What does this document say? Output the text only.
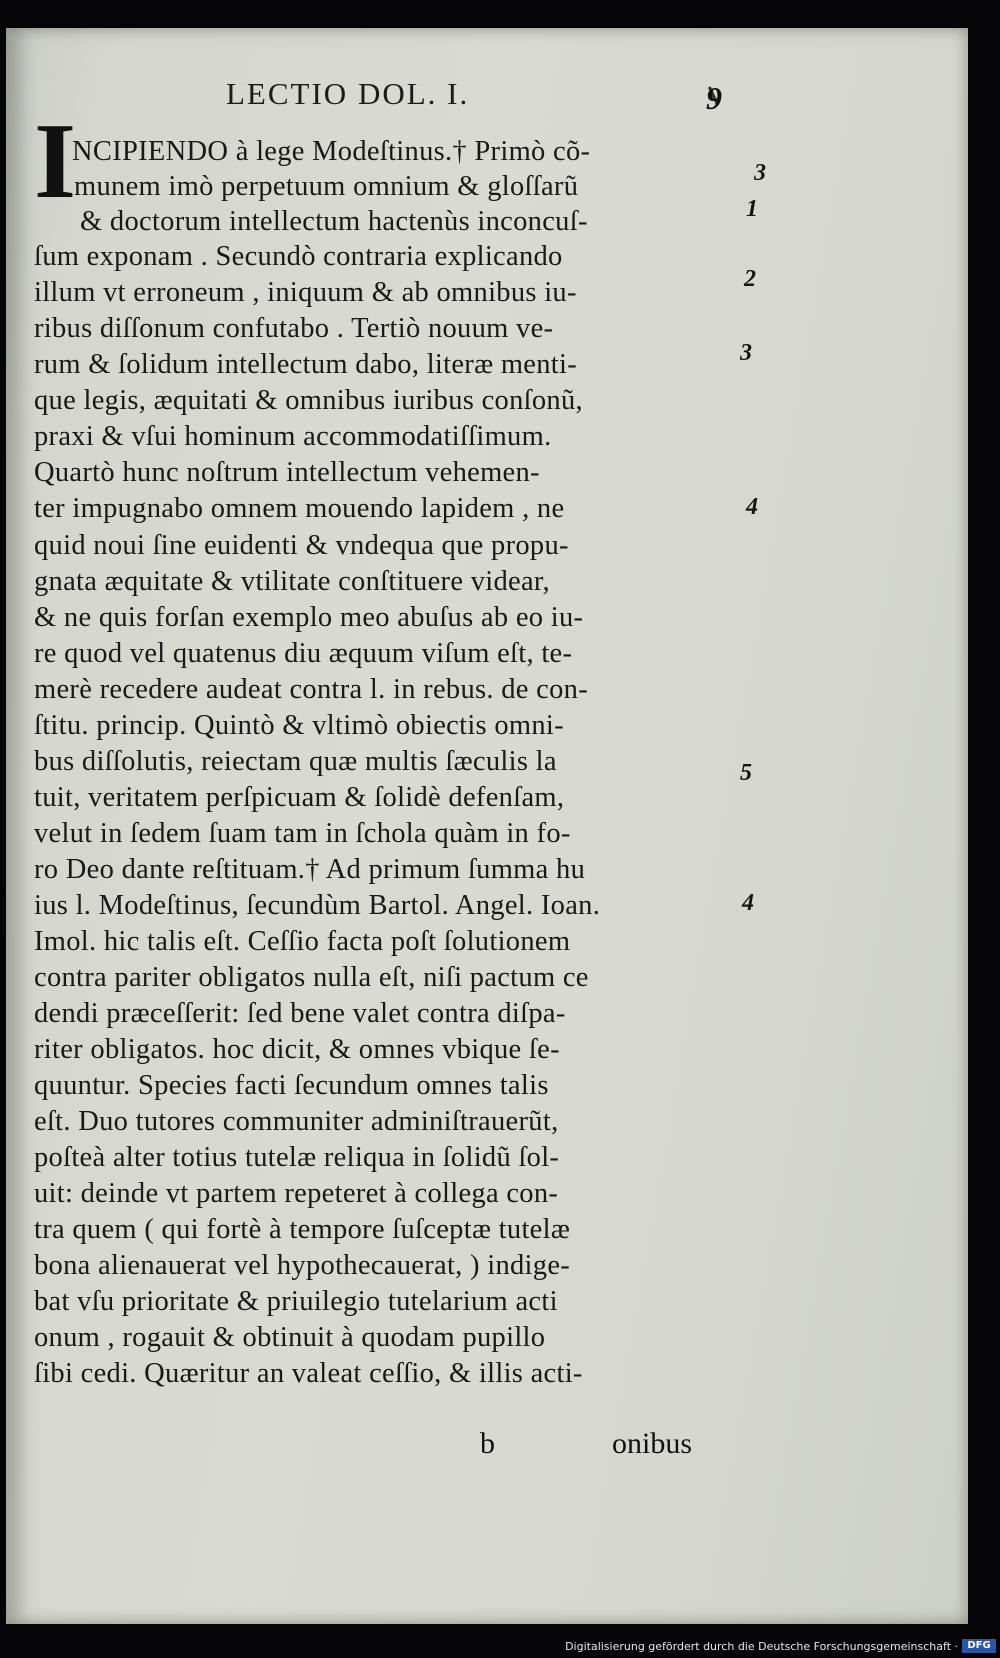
LECTIO DOL. I.	9
I
NCIPIENDO à lege Modeſtinus.† Primò cõ-
munem imò perpetuum omnium & gloſſarũ
& doctorum intellectum hactenùs inconcuſ-
ſum exponam . Secundò contraria explicando
illum vt erroneum , iniquum & ab omnibus iu-
ribus diſſonum confutabo . Tertiò nouum ve-
rum & ſolidum intellectum dabo, literæ menti-
que legis, æquitati & omnibus iuribus conſonũ,
praxi & vſui hominum accommodatiſſimum.
Quartò hunc noſtrum intellectum vehemen-
ter impugnabo omnem mouendo lapidem , ne
quid noui ſine euidenti & vndequa que propu-
gnata æquitate & vtilitate conſtituere videar,
& ne quis forſan exemplo meo abuſus ab eo iu-
re quod vel quatenus diu æquum viſum eſt, te-
merè recedere audeat contra l. in rebus. de con-
ſtitu. princip. Quintò & vltimò obiectis omni-
bus diſſolutis, reiectam quæ multis ſæculis la
tuit, veritatem perſpicuam & ſolidè defenſam,
velut in ſedem ſuam tam in ſchola quàm in fo-
ro Deo dante reſtituam.† Ad primum ſumma hu
ius l. Modeſtinus, ſecundùm Bartol. Angel. Ioan.
Imol. hic talis eſt. Ceſſio facta poſt ſolutionem
contra pariter obligatos nulla eſt, niſi pactum ce
dendi præceſſerit: ſed bene valet contra diſpa-
riter obligatos. hoc dicit, & omnes vbique ſe-
quuntur. Species facti ſecundum omnes talis
eſt. Duo tutores communiter adminiſtrauerũt,
poſteà alter totius tutelæ reliqua in ſolidũ ſol-
uit: deinde vt partem repeteret à collega con-
tra quem ( qui fortè à tempore ſuſceptæ tutelæ
bona alienauerat vel hypothecauerat, ) indige-
bat vſu prioritate & priuilegio tutelarium acti
onum , rogauit & obtinuit à quodam pupillo
ſibi cedi. Quæritur an valeat ceſſio, & illis acti-
3
1
2
3
4
5
4
b	onibus
Digitalisierung gefördert durch die Deutsche Forschungsgemeinschaft · DFG
